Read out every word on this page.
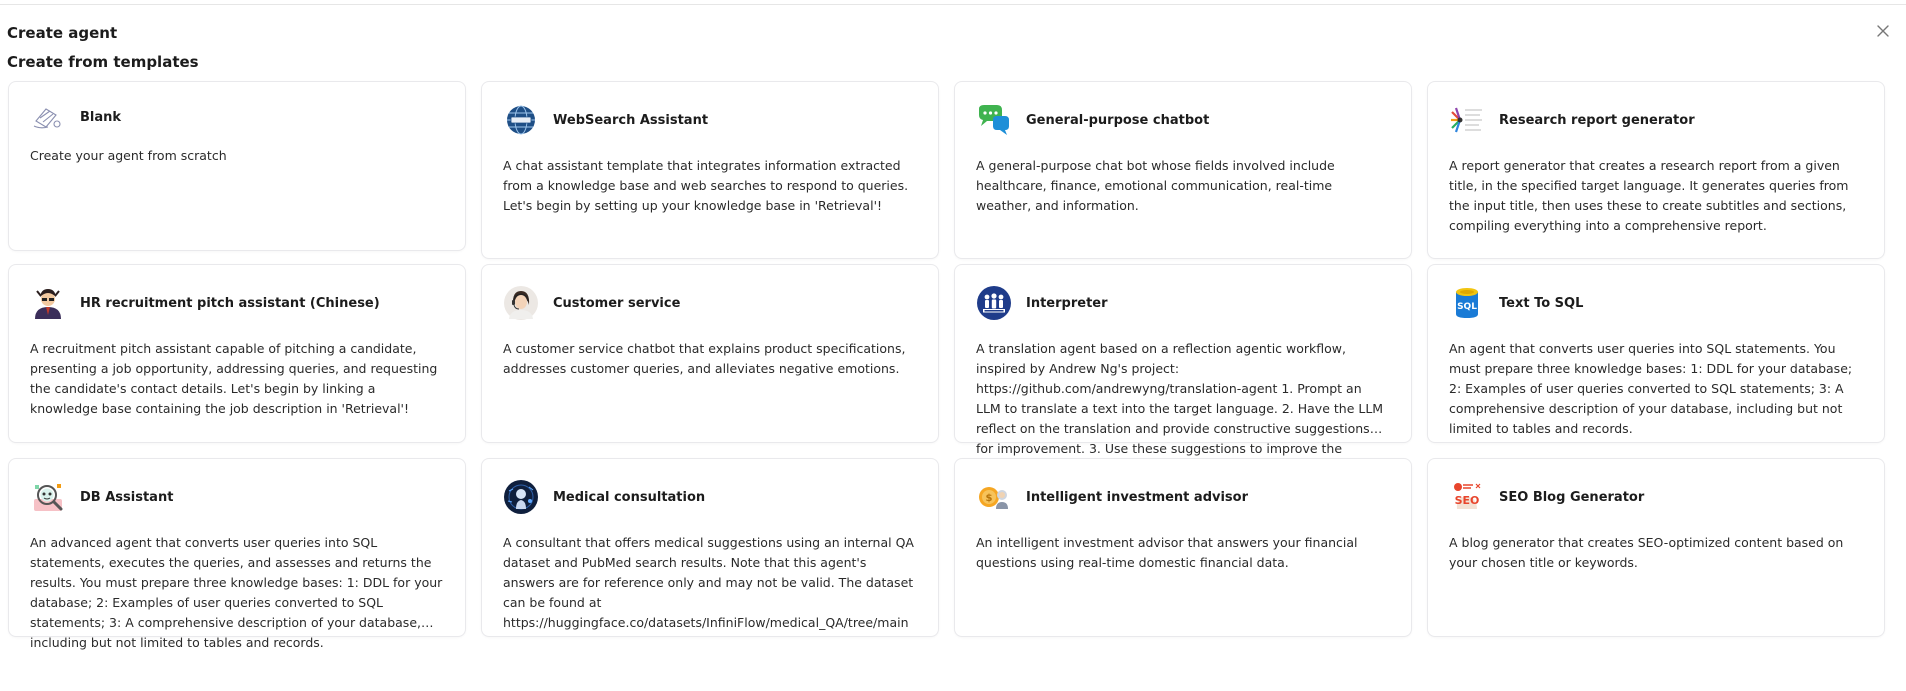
Create agent
Create from templates
Blank
Create your agent from scratch
WebSearch Assistant
A chat assistant template that integrates information extracted from a knowledge base and web searches to respond to queries. Let's begin by setting up your knowledge base in 'Retrieval'!
General-purpose chatbot
A general-purpose chat bot whose fields involved include healthcare, finance, emotional communication, real-time weather, and information.
Research report generator
A report generator that creates a research report from a given title, in the specified target language. It generates queries from the input title, then uses these to create subtitles and sections, compiling everything into a comprehensive report.
HR recruitment pitch assistant (Chinese)
A recruitment pitch assistant capable of pitching a candidate, presenting a job opportunity, addressing queries, and requesting the candidate's contact details. Let's begin by linking a knowledge base containing the job description in 'Retrieval'!
Customer service
A customer service chatbot that explains product specifications, addresses customer queries, and alleviates negative emotions.
Interpreter
A translation agent based on a reflection agentic workflow, inspired by Andrew Ng's project: https://github.com/andrewyng/translation-agent 1. Prompt an LLM to translate a text into the target language. 2. Have the LLM reflect on the translation and provide constructive suggestions for improvement. 3. Use these suggestions to improve the
SQL Text To SQL
An agent that converts user queries into SQL statements. You must prepare three knowledge bases: 1: DDL for your database; 2: Examples of user queries converted to SQL statements; 3: A comprehensive description of your database, including but not limited to tables and records.
DB Assistant
An advanced agent that converts user queries into SQL statements, executes the queries, and assesses and returns the results. You must prepare three knowledge bases: 1: DDL for your database; 2: Examples of user queries converted to SQL statements; 3: A comprehensive description of your database, including but not limited to tables and records.
Medical consultation
A consultant that offers medical suggestions using an internal QA dataset and PubMed search results. Note that this agent's answers are for reference only and may not be valid. The dataset can be found at https://huggingface.co/datasets/InfiniFlow/medical_QA/tree/main
$	Intelligent investment advisor
An intelligent investment advisor that answers your financial questions using real-time domestic financial data.
SEO SEO Blog Generator
A blog generator that creates SEO-optimized content based on your chosen title or keywords.
